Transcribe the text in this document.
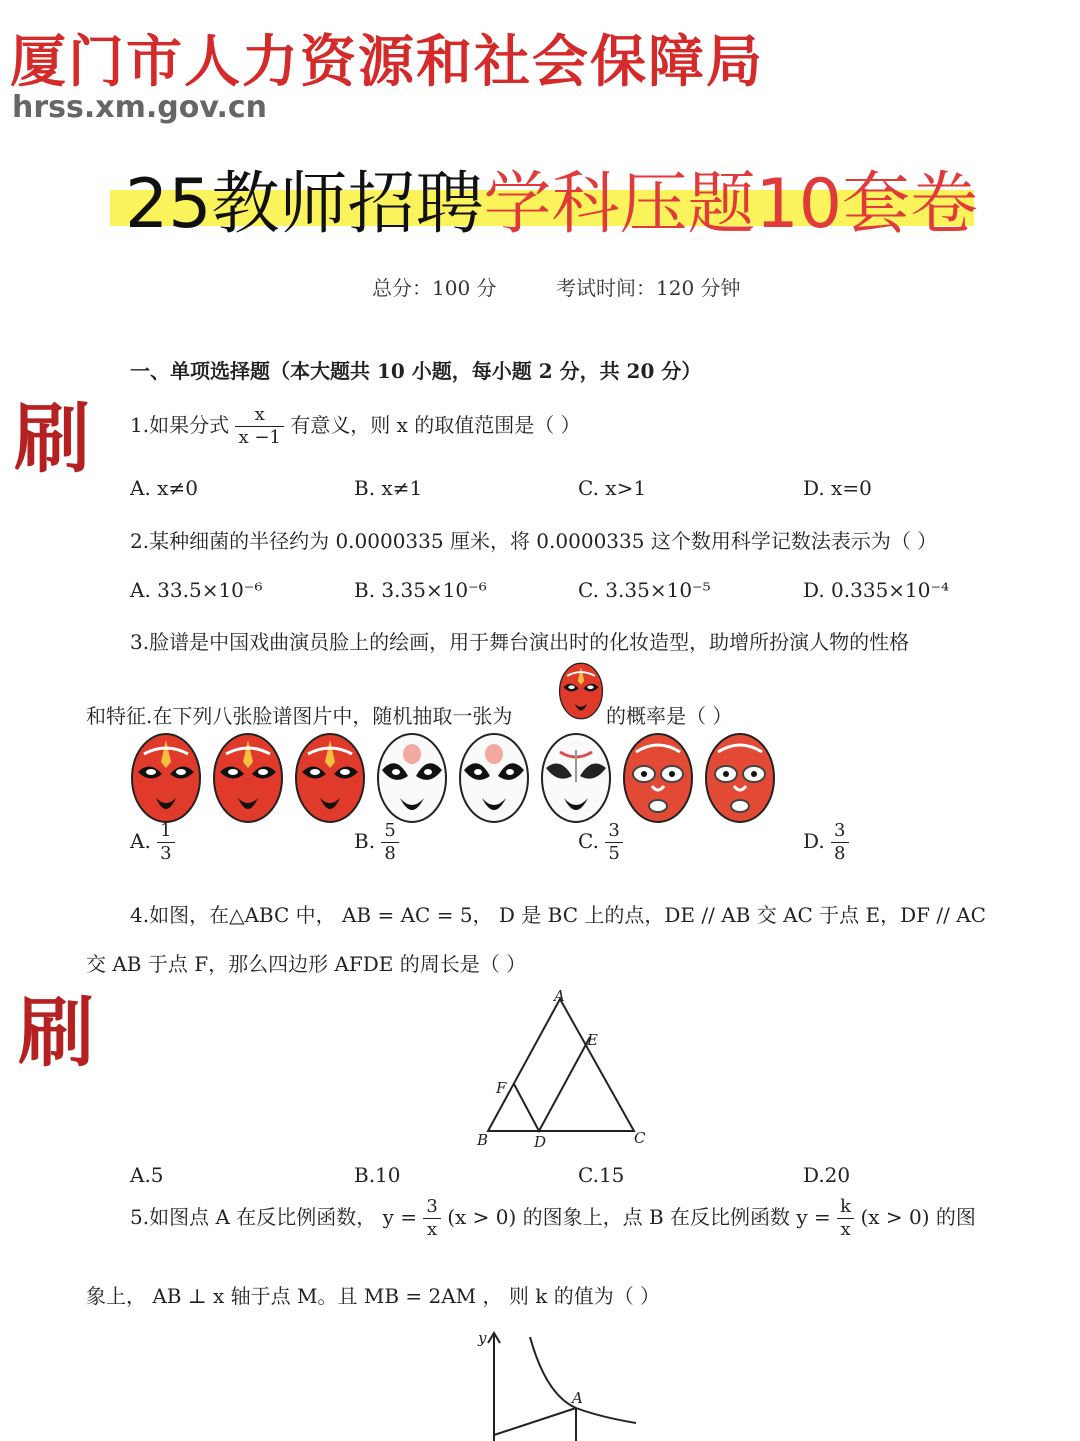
厦门市人力资源和社会保障局
hrss.xm.gov.cn
25教师招聘学科压题10套卷
总分：100 分	考试时间：120 分钟
刷
刷
一、单项选择题（本大题共 10 小题，每小题 2 分，共 20 分）
1.如果分式 $\frac{x}{x -1}$ 有意义，则 x 的取值范围是（ ）
A. x≠0	B. x≠1	C. x>1	D. x=0
2.某种细菌的半径约为 0.0000335 厘米，将 0.0000335 这个数用科学记数法表示为（ ）
A. 33.5×10⁻⁶	B. 3.35×10⁻⁶	C. 3.35×10⁻⁵	D. 0.335×10⁻⁴
3.脸谱是中国戏曲演员脸上的绘画，用于舞台演出时的化妆造型，助增所扮演人物的性格
和特征.在下列八张脸谱图片中，随机抽取一张为	的概率是（ ）
A. $\frac{1}{3}$	B. $\frac{5}{8}$	C. $\frac{3}{5}$	D. $\frac{3}{8}$
4.如图，在△ABC 中， AB = AC = 5， D 是 BC 上的点，DE // AB 交 AC 于点 E，DF // AC
交 AB 于点 F，那么四边形 AFDE 的周长是（ ）
A
E
F
B	D	C
A.5	B.10	C.15	D.20
5.如图点 A 在反比例函数， $y = \frac{3}{x} (x > 0)$ 的图象上，点 B 在反比例函数 $y = \frac{k}{x} (x > 0)$ 的图
象上， AB ⊥ x 轴于点 M。且 MB = 2AM ， 则 k 的值为（ ）
y
A
